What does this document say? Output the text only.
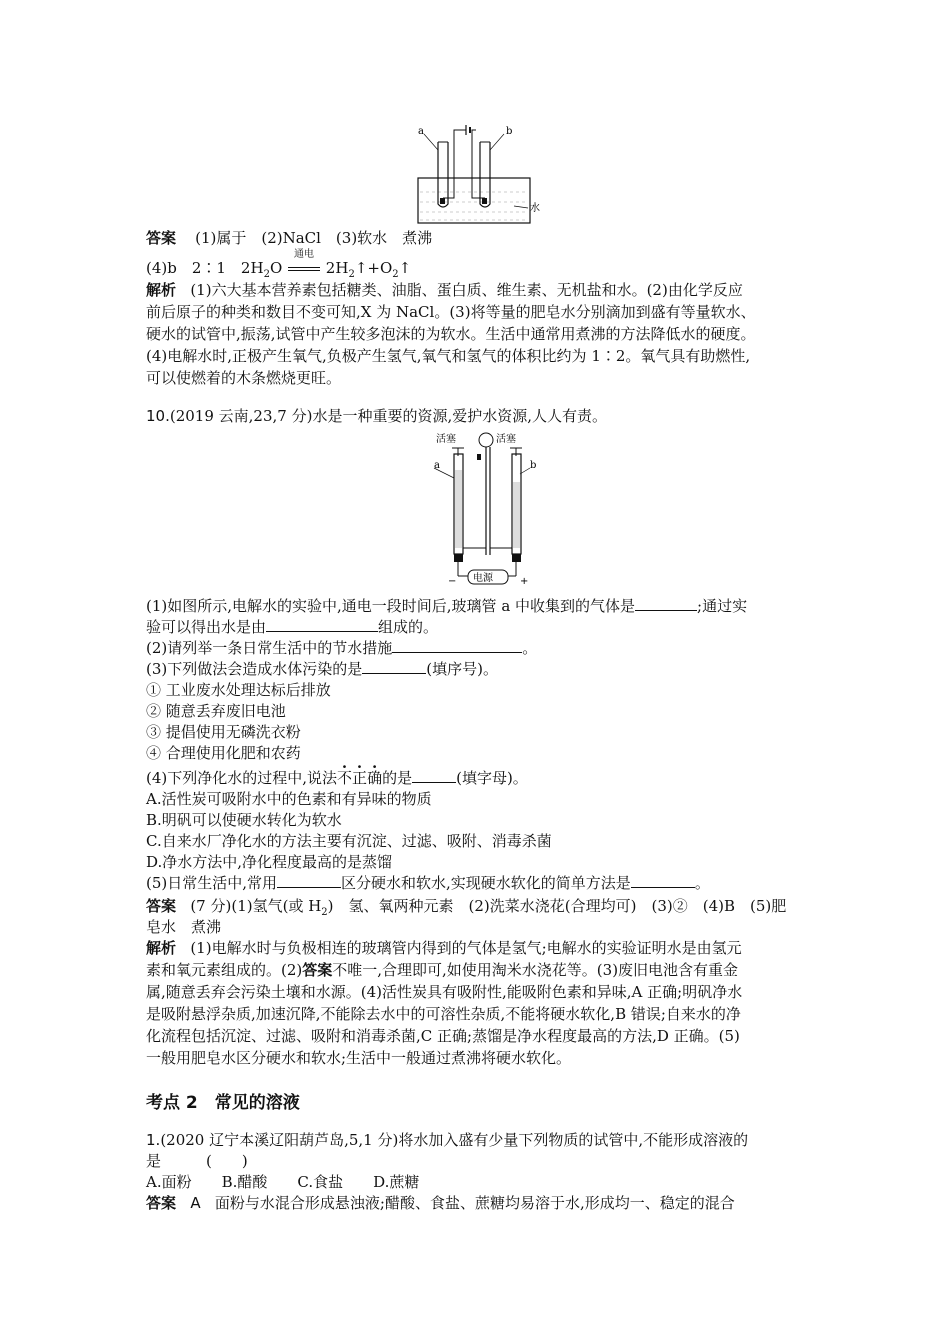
a	b
水
答案 (1)属于　(2)NaCl　(3)软水　煮沸
(4)b　2∶1　$2H_2O$
通电
$2H_2↑+O_2↑$
解析 (1)六大基本营养素包括糖类、油脂、蛋白质、维生素、无机盐和水。(2)由化学反应
前后原子的种类和数目不变可知,X 为 NaCl。(3)将等量的肥皂水分别滴加到盛有等量软水、
硬水的试管中,振荡,试管中产生较多泡沫的为软水。生活中通常用煮沸的方法降低水的硬度。
(4)电解水时,正极产生氧气,负极产生氢气,氧气和氢气的体积比约为 1∶2。氧气具有助燃性,
可以使燃着的木条燃烧更旺。
10.(2019 云南,23,7 分)水是一种重要的资源,爱护水资源,人人有责。
活塞	活塞
a	b
电源
−	+
(1)如图所示,电解水的实验中,通电一段时间后,玻璃管 a 中收集到的气体是	;通过实
验可以得出水是由	组成的。
(2)请列举一条日常生活中的节水措施	。
(3)下列做法会造成水体污染的是	(填序号)。
① 工业废水处理达标后排放
② 随意丢弃废旧电池
③ 提倡使用无磷洗衣粉
④ 合理使用化肥和农药
(4)下列净化水的过程中,说法不正确的是	(填字母)。
A.活性炭可吸附水中的色素和有异味的物质
B.明矾可以使硬水转化为软水
C.自来水厂净化水的方法主要有沉淀、过滤、吸附、消毒杀菌
D.净水方法中,净化程度最高的是蒸馏
(5)日常生活中,常用	区分硬水和软水,实现硬水软化的简单方法是	。
答案 (7 分)(1)氢气(或 $H_2$)　氢、氧两种元素　(2)洗菜水浇花(合理均可)　(3)②　(4)B　(5)肥
皂水　煮沸
解析 (1)电解水时与负极相连的玻璃管内得到的气体是氢气;电解水的实验证明水是由氢元
素和氧元素组成的。(2)答案不唯一,合理即可,如使用淘米水浇花等。(3)废旧电池含有重金
属,随意丢弃会污染土壤和水源。(4)活性炭具有吸附性,能吸附色素和异味,A 正确;明矾净水
是吸附悬浮杂质,加速沉降,不能除去水中的可溶性杂质,不能将硬水软化,B 错误;自来水的净
化流程包括沉淀、过滤、吸附和消毒杀菌,C 正确;蒸馏是净水程度最高的方法,D 正确。(5)
一般用肥皂水区分硬水和软水;生活中一般通过煮沸将硬水软化。
考点 2　常见的溶液
1.(2020 辽宁本溪辽阳葫芦岛,5,1 分)将水加入盛有少量下列物质的试管中,不能形成溶液的
是　　　(　　)
A.面粉　　B.醋酸　　C.食盐　　D.蔗糖
答案 A 面粉与水混合形成悬浊液;醋酸、食盐、蔗糖均易溶于水,形成均一、稳定的混合
